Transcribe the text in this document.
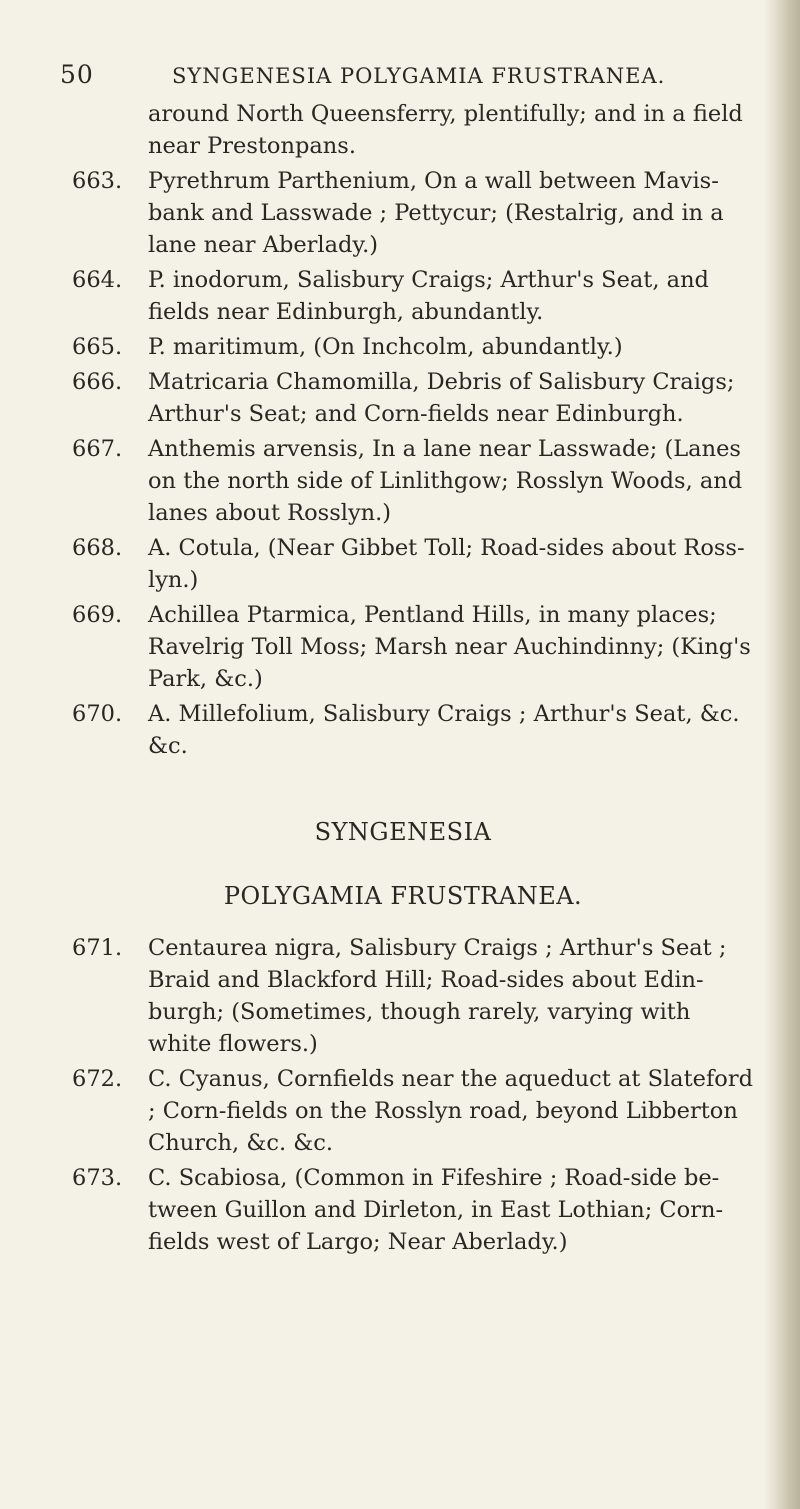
50	SYNGENESIA POLYGAMIA FRUSTRANEA.
around North Queensferry, plentifully; and in a field near Prestonpans.
663. Pyrethrum Parthenium, On a wall between Mavis-bank and Lasswade ; Pettycur; (Restalrig, and in a lane near Aberlady.)
664. P. inodorum, Salisbury Craigs; Arthur's Seat, and fields near Edinburgh, abundantly.
665. P. maritimum, (On Inchcolm, abundantly.)
666. Matricaria Chamomilla, Debris of Salisbury Craigs; Arthur's Seat; and Corn-fields near Edinburgh.
667. Anthemis arvensis, In a lane near Lasswade; (Lanes on the north side of Linlithgow; Rosslyn Woods, and lanes about Rosslyn.)
668. A. Cotula, (Near Gibbet Toll; Road-sides about Ross-lyn.)
669. Achillea Ptarmica, Pentland Hills, in many places; Ravelrig Toll Moss; Marsh near Auchindinny; (King's Park, &c.)
670. A. Millefolium, Salisbury Craigs ; Arthur's Seat, &c. &c.
SYNGENESIA
POLYGAMIA FRUSTRANEA.
671. Centaurea nigra, Salisbury Craigs ; Arthur's Seat ; Braid and Blackford Hill; Road-sides about Edin-burgh; (Sometimes, though rarely, varying with white flowers.)
672. C. Cyanus, Cornfields near the aqueduct at Slateford ; Corn-fields on the Rosslyn road, beyond Libberton Church, &c. &c.
673. C. Scabiosa, (Common in Fifeshire ; Road-side be-tween Guillon and Dirleton, in East Lothian; Corn-fields west of Largo; Near Aberlady.)
